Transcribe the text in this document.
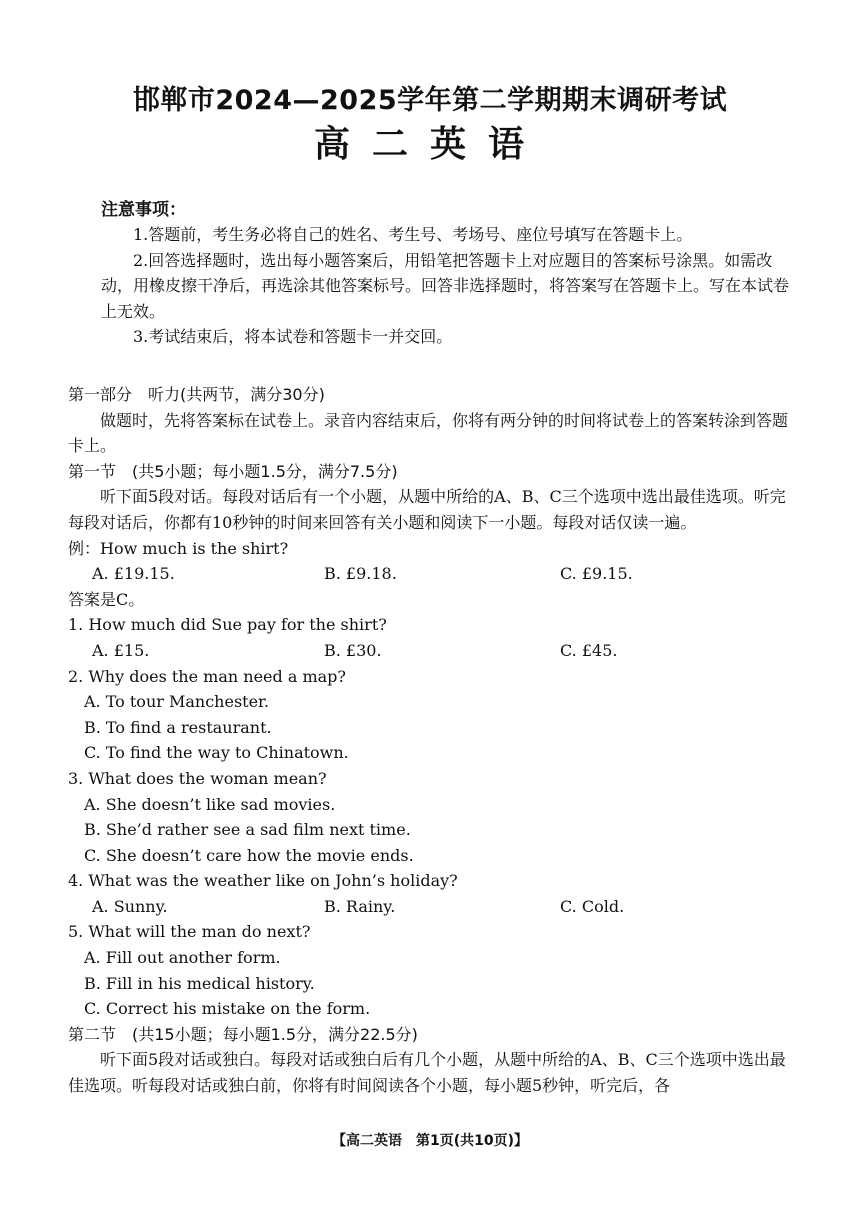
邯郸市2024—2025学年第二学期期末调研考试
高二英语
注意事项：

1.答题前，考生务必将自己的姓名、考生号、考场号、座位号填写在答题卡上。

2.回答选择题时，选出每小题答案后，用铅笔把答题卡上对应题目的答案标号涂黑。如需改动，用橡皮擦干净后，再选涂其他答案标号。回答非选择题时，将答案写在答题卡上。写在本试卷上无效。

3.考试结束后，将本试卷和答题卡一并交回。

第一部分　听力(共两节，满分30分)

做题时，先将答案标在试卷上。录音内容结束后，你将有两分钟的时间将试卷上的答案转涂到答题卡上。

第一节　(共5小题；每小题1.5分，满分7.5分)

听下面5段对话。每段对话后有一个小题，从题中所给的A、B、C三个选项中选出最佳选项。听完每段对话后，你都有10秒钟的时间来回答有关小题和阅读下一小题。每段对话仅读一遍。

例：How much is the shirt?

A. £19.15.	B. £9.18.	C. £9.15.

答案是C。

1. How much did Sue pay for the shirt?

A. £15.	B. £30.	C. £45.

2. Why does the man need a map?

A. To tour Manchester.

B. To find a restaurant.

C. To find the way to Chinatown.

3. What does the woman mean?

A. She doesn’t like sad movies.

B. She’d rather see a sad film next time.

C. She doesn’t care how the movie ends.

4. What was the weather like on John’s holiday?

A. Sunny.	B. Rainy.	C. Cold.

5. What will the man do next?

A. Fill out another form.

B. Fill in his medical history.

C. Correct his mistake on the form.

第二节　(共15小题；每小题1.5分，满分22.5分)

听下面5段对话或独白。每段对话或独白后有几个小题，从题中所给的A、B、C三个选项中选出最佳选项。听每段对话或独白前，你将有时间阅读各个小题，每小题5秒钟，听完后，各

【高二英语　第1页(共10页)】
